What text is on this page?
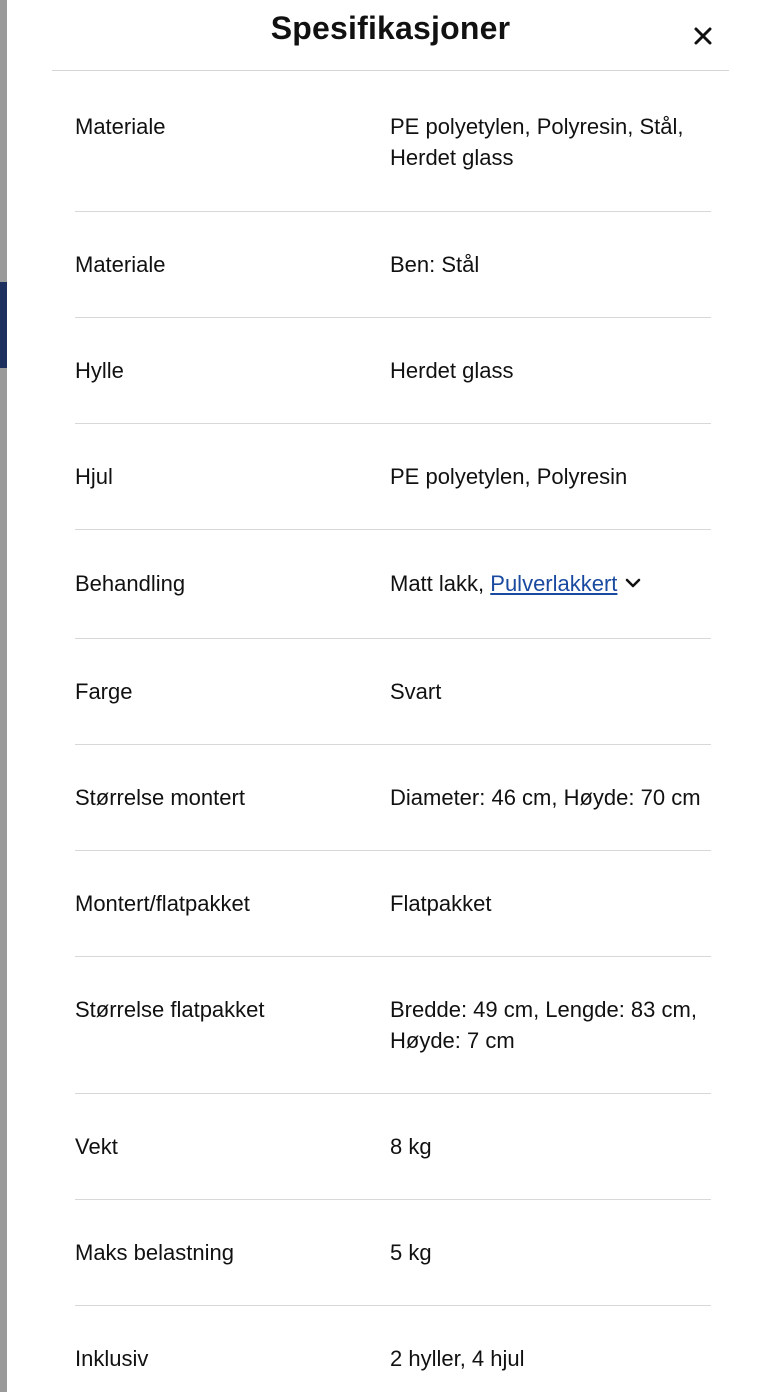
Spesifikasjoner
Materiale	PE polyetylen, Polyresin, Stål, Herdet glass
Materiale	Ben: Stål
Hylle	Herdet glass
Hjul	PE polyetylen, Polyresin
Behandling	Matt lakk, Pulverlakkert
Farge	Svart
Størrelse montert	Diameter: 46 cm, Høyde: 70 cm
Montert/flatpakket	Flatpakket
Størrelse flatpakket	Bredde: 49 cm, Lengde: 83 cm, Høyde: 7 cm
Vekt	8 kg
Maks belastning	5 kg
Inklusiv	2 hyller, 4 hjul
